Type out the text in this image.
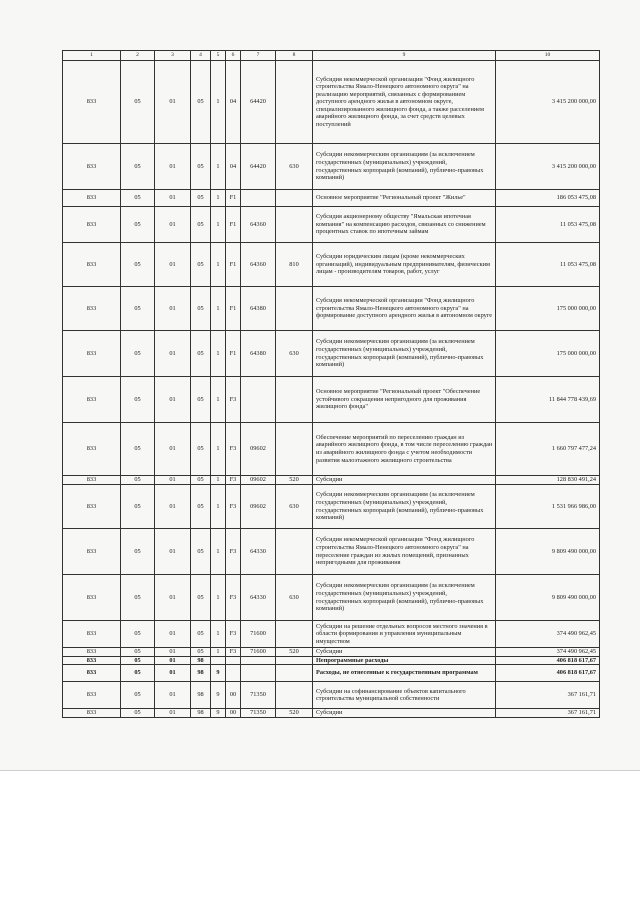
1	2	3	4	5	6	7	8	9	10
833	05	01	05	1	04	64420		Субсидия некоммерческой организации "Фонд жилищного строительства Ямало-Ненецкого автономного округа" на реализацию мероприятий, связанных с формированием доступного арендного жилья в автономном округе, специализированного жилищного фонда, а также расселением аварийного жилищного фонда, за счет средств целевых поступлений	3 415 200 000,00
833	05	01	05	1	04	64420	630	Субсидии некоммерческим организациям (за исключением государственных (муниципальных) учреждений, государственных корпораций (компаний), публично-правовых компаний)	3 415 200 000,00
833	05	01	05	1	F1			Основное мероприятие "Региональный проект "Жилье"	186 053 475,08
833	05	01	05	1	F1	64360		Субсидия акционерному обществу "Ямальская ипотечная компания" на компенсацию расходов, связанных со снижением процентных ставок по ипотечным займам	11 053 475,08
833	05	01	05	1	F1	64360	810	Субсидии юридическим лицам (кроме некоммерческих организаций), индивидуальным предпринимателям, физическим лицам - производителям товаров, работ, услуг	11 053 475,08
833	05	01	05	1	F1	64380		Субсидия некоммерческой организации "Фонд жилищного строительства Ямало-Ненецкого автономного округа" на формирование доступного арендного жилья в автономном округе	175 000 000,00
833	05	01	05	1	F1	64380	630	Субсидии некоммерческим организациям (за исключением государственных (муниципальных) учреждений, государственных корпораций (компаний), публично-правовых компаний)	175 000 000,00
833	05	01	05	1	F3			Основное мероприятие "Региональный проект "Обеспечение устойчивого сокращения непригодного для проживания жилищного фонда"	11 844 778 439,69
833	05	01	05	1	F3	09602		Обеспечение мероприятий по переселению граждан из аварийного жилищного фонда, в том числе переселению граждан из аварийного жилищного фонда с учетом необходимости развития малоэтажного жилищного строительства	1 660 797 477,24
833	05	01	05	1	F3	09602	520	Субсидии	128 830 491,24
833	05	01	05	1	F3	09602	630	Субсидии некоммерческим организациям (за исключением государственных (муниципальных) учреждений, государственных корпораций (компаний), публично-правовых компаний)	1 531 966 986,00
833	05	01	05	1	F3	64330		Субсидия некоммерческой организации "Фонд жилищного строительства Ямало-Ненецкого автономного округа" на переселение граждан из жилых помещений, признанных непригодными для проживания	9 809 490 000,00
833	05	01	05	1	F3	64330	630	Субсидии некоммерческим организациям (за исключением государственных (муниципальных) учреждений, государственных корпораций (компаний), публично-правовых компаний)	9 809 490 000,00
833	05	01	05	1	F3	71600		Субсидии на решение отдельных вопросов местного значения в области формирования и управления муниципальным имуществом	374 490 962,45
833	05	01	05	1	F3	71600	520	Субсидии	374 490 962,45
833	05	01	98					Непрограммные расходы	406 818 617,67
833	05	01	98	9				Расходы, не отнесенные к государственным программам	406 818 617,67
833	05	01	98	9	00	71350		Субсидии на софинансирование объектов капитального строительства муниципальной собственности	367 161,71
833	05	01	98	9	00	71350	520	Субсидии	367 161,71
